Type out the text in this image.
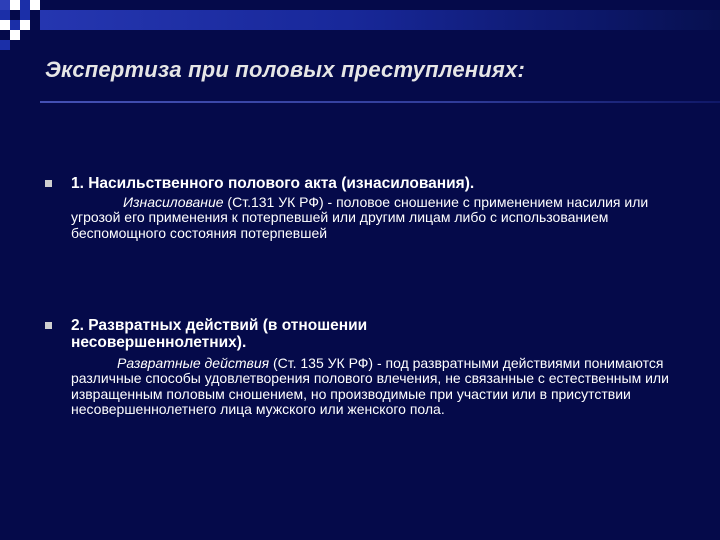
Экспертиза при половых преступлениях:
1. Насильственного полового акта (изнасилования).
Изнасилование (Ст.131 УК РФ) - половое сношение с применением насилия или угрозой его применения к потерпевшей или другим лицам либо с использованием беспомощного состояния потерпевшей
2. Развратных действий (в отношении несовершеннолетних).
Развратные действия (Ст. 135 УК РФ) - под развратными действиями понимаются различные способы удовлетворения полового влечения, не связанные с естественным или извращенным половым сношением, но производимые при участии или в присутствии несовершеннолетнего лица мужского или женского пола.
